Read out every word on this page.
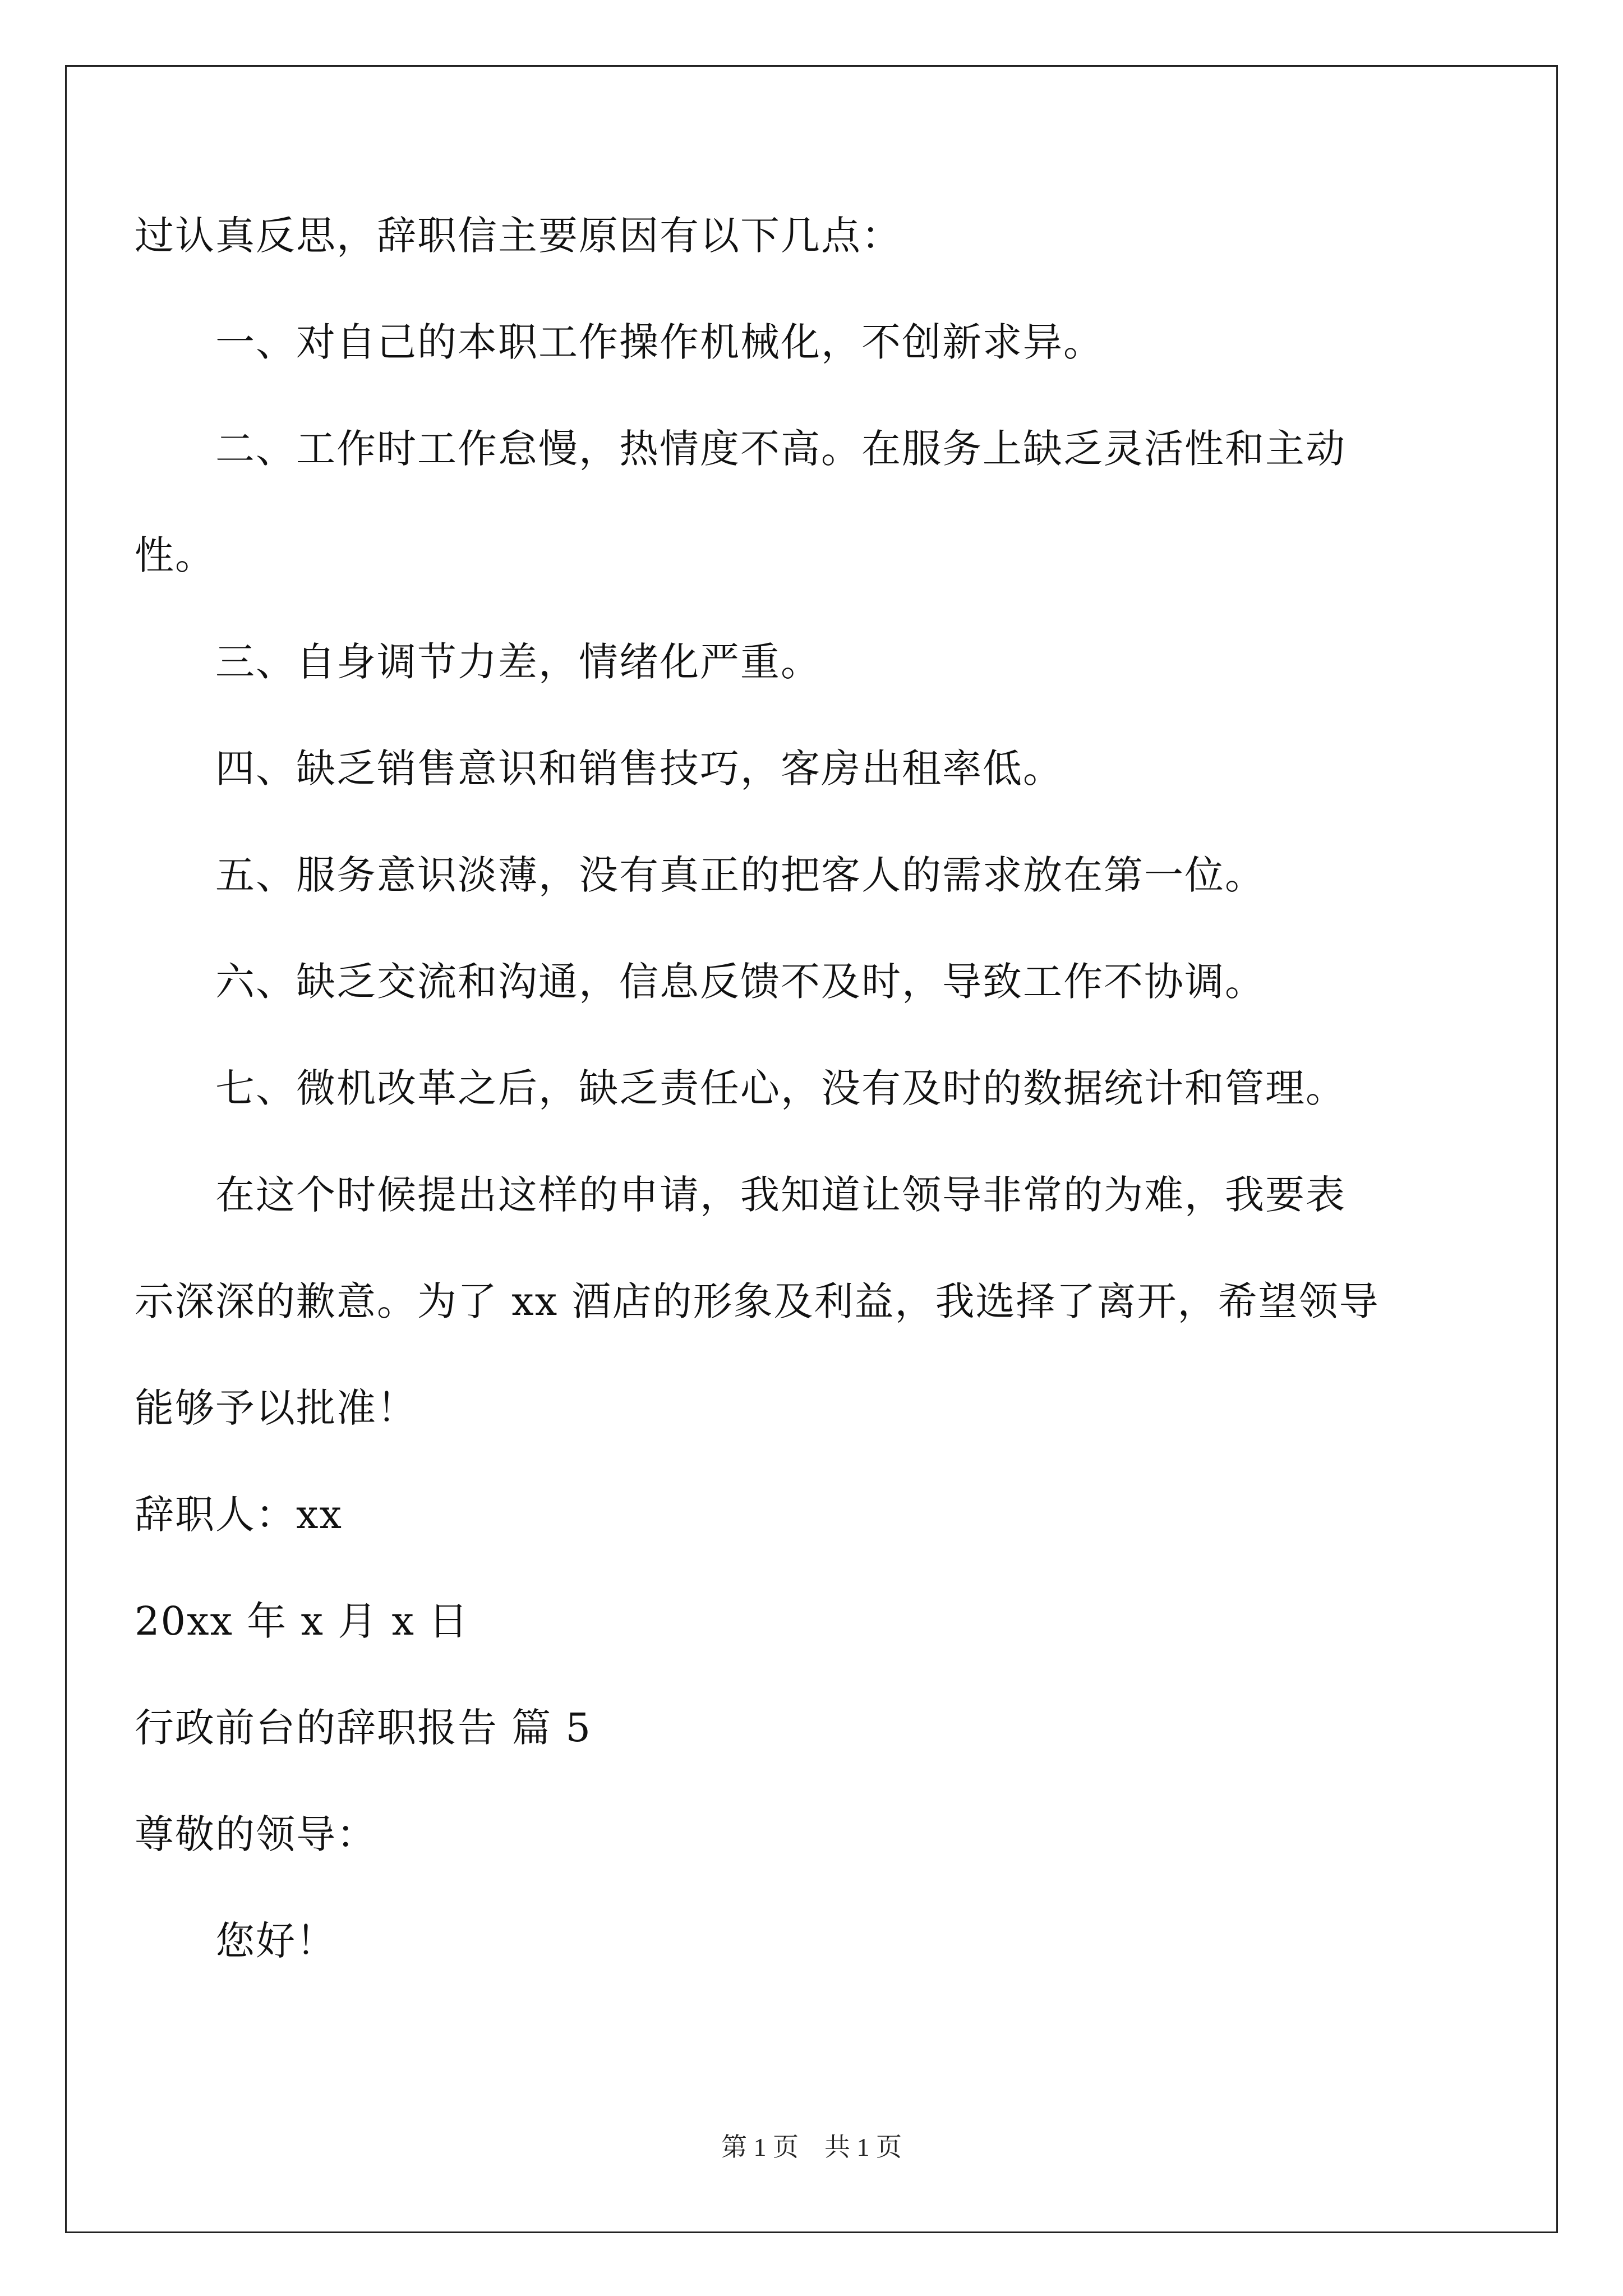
过认真反思，辞职信主要原因有以下几点：
一、对自己的本职工作操作机械化，不创新求异。
二、工作时工作怠慢，热情度不高。在服务上缺乏灵活性和主动
性。
三、自身调节力差，情绪化严重。
四、缺乏销售意识和销售技巧，客房出租率低。
五、服务意识淡薄，没有真正的把客人的需求放在第一位。
六、缺乏交流和沟通，信息反馈不及时，导致工作不协调。
七、微机改革之后，缺乏责任心，没有及时的数据统计和管理。
在这个时候提出这样的申请，我知道让领导非常的为难，我要表
示深深的歉意。为了 xx 酒店的形象及利益，我选择了离开，希望领导
能够予以批准！
辞职人：xx
20xx 年 x 月 x 日
行政前台的辞职报告 篇 5
尊敬的领导：
您好！
第 1 页 共 1 页
